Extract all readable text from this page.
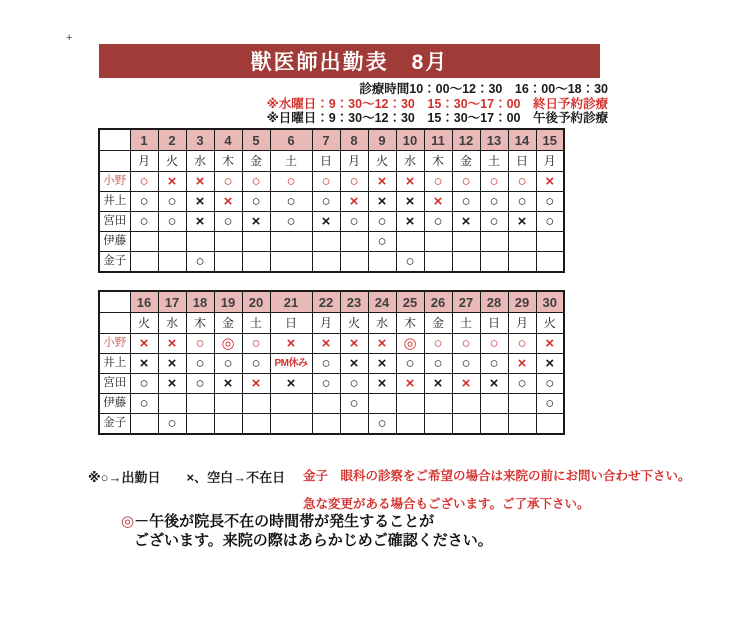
+
獣医師出勤表　8月
診療時間10：00～12：30　16：00～18：30
※水曜日：9：30～12：30　15：30～17：00　終日予約診療
※日曜日：9：30～12：30　15：30～17：00　午後予約診療
	1	2	3	4	5	6	7	8	9	10	11	12	13	14	15
	月	火	水	木	金	土	日	月	火	水	木	金	土	日	月
小野	○	×	×	○	○	○	○	○	×	×	○	○	○	○	×
井上	○	○	×	×	○	○	○	×	×	×	×	○	○	○	○
宮田	○	○	×	○	×	○	×	○	○	×	○	×	○	×	○
伊藤									○						
金子			○							○					
	16	17	18	19	20	21	22	23	24	25	26	27	28	29	30
	火	水	木	金	土	日	月	火	水	木	金	土	日	月	火
小野	×	×	○	◎	○	×	×	×	×	◎	○	○	○	○	×
井上	×	×	○	○	○	PM休み	○	×	×	○	○	○	○	×	×
宮田	○	×	○	×	×	×	○	○	×	×	×	×	×	○	○
伊藤	○							○							○
金子		○							○						
※○→出勤日　　×、空白→不在日 金子　眼科の診察をご希望の場合は来院の前にお問い合わせ下さい。
急な変更がある場合もございます。ご了承下さい。
◎－午後が院長不在の時間帯が発生することが
ございます。来院の際はあらかじめご確認ください。
